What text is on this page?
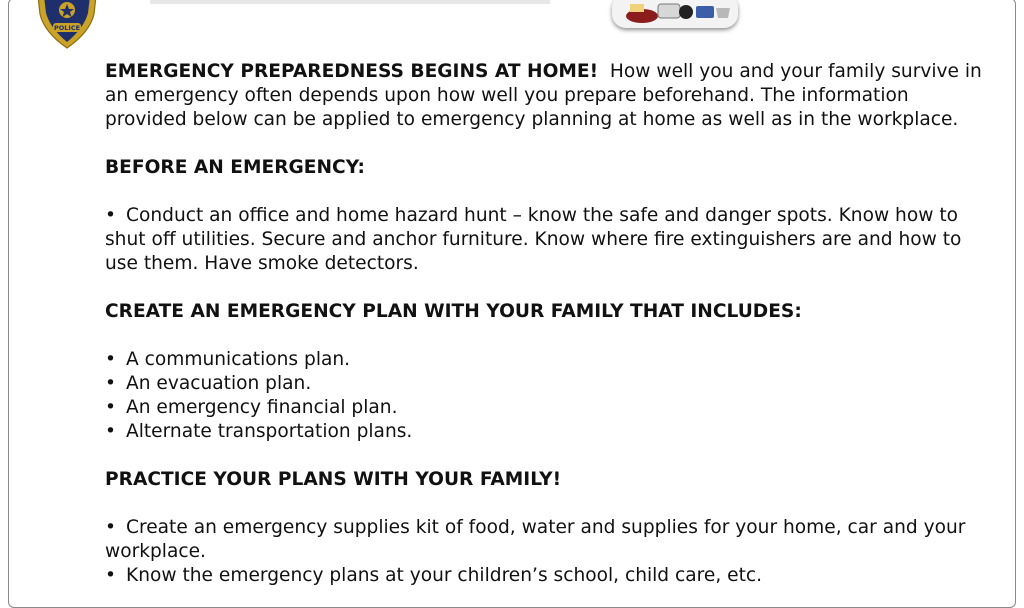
POLICE

EMERGENCY PREPAREDNESS BEGINS AT HOME! How well you and your family survive in an emergency often depends upon how well you prepare beforehand. The information provided below can be applied to emergency planning at home as well as in the workplace.

BEFORE AN EMERGENCY:

• Conduct an office and home hazard hunt – know the safe and danger spots. Know how to shut off utilities. Secure and anchor furniture. Know where fire extinguishers are and how to use them. Have smoke detectors.

CREATE AN EMERGENCY PLAN WITH YOUR FAMILY THAT INCLUDES:

• A communications plan.

• An evacuation plan.

• An emergency financial plan.

• Alternate transportation plans.

PRACTICE YOUR PLANS WITH YOUR FAMILY!

• Create an emergency supplies kit of food, water and supplies for your home, car and your workplace.

• Know the emergency plans at your children’s school, child care, etc.
